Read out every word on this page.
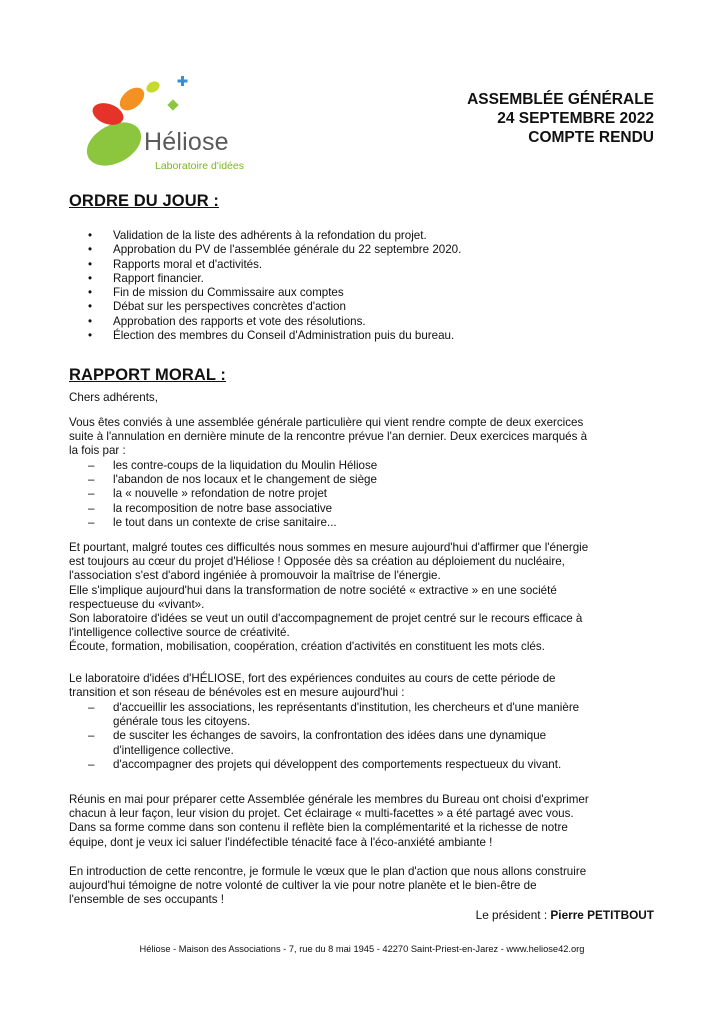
Héliose
Laboratoire d'idées
ASSEMBLÉE GÉNÉRALE
24 SEPTEMBRE 2022
COMPTE RENDU
ORDRE DU JOUR :
• Validation de la liste des adhérents à la refondation du projet.
• Approbation du PV de l'assemblée générale du 22 septembre 2020.
• Rapports moral et d'activités.
• Rapport financier.
• Fin de mission du Commissaire aux comptes
• Débat sur les perspectives concrètes d'action
• Approbation des rapports et vote des résolutions.
• Élection des membres du Conseil d'Administration puis du bureau.
RAPPORT MORAL :

Chers adhérents,

Vous êtes conviés à une assemblée générale particulière qui vient rendre compte de deux exercices
suite à l'annulation en dernière minute de la rencontre prévue l'an dernier. Deux exercices marqués à
la fois par :

– les contre-coups de la liquidation du Moulin Héliose
– l'abandon de nos locaux et le changement de siège
– la « nouvelle » refondation de notre projet
– la recomposition de notre base associative
– le tout dans un contexte de crise sanitaire...

Et pourtant, malgré toutes ces difficultés nous sommes en mesure aujourd'hui d'affirmer que l'énergie
est toujours au cœur du projet d'Héliose ! Opposée dès sa création au déploiement du nucléaire,
l'association s'est d'abord ingéniée à promouvoir la maîtrise de l'énergie.
Elle s'implique aujourd'hui dans la transformation de notre société « extractive » en une société
respectueuse du «vivant».
Son laboratoire d'idées se veut un outil d'accompagnement de projet centré sur le recours efficace à
l'intelligence collective source de créativité.
Écoute, formation, mobilisation, coopération, création d'activités en constituent les mots clés.

Le laboratoire d'idées d'HÉLIOSE, fort des expériences conduites au cours de cette période de
transition et son réseau de bénévoles est en mesure aujourd'hui :

– d'accueillir les associations, les représentants d'institution, les chercheurs et d'une manière
générale tous les citoyens.
– de susciter les échanges de savoirs, la confrontation des idées dans une dynamique
d'intelligence collective.
– d'accompagner des projets qui développent des comportements respectueux du vivant.

Réunis en mai pour préparer cette Assemblée générale les membres du Bureau ont choisi d'exprimer
chacun à leur façon, leur vision du projet. Cet éclairage « multi-facettes » a été partagé avec vous.
Dans sa forme comme dans son contenu il reflète bien la complémentarité et la richesse de notre
équipe, dont je veux ici saluer l'indéfectible ténacité face à l'éco-anxiété ambiante !

En introduction de cette rencontre, je formule le vœux que le plan d'action que nous allons construire
aujourd'hui témoigne de notre volonté de cultiver la vie pour notre planète et le bien-être de
l'ensemble de ses occupants !

Le président : Pierre PETITBOUT
Héliose - Maison des Associations - 7, rue du 8 mai 1945 - 42270 Saint-Priest-en-Jarez - www.heliose42.org
